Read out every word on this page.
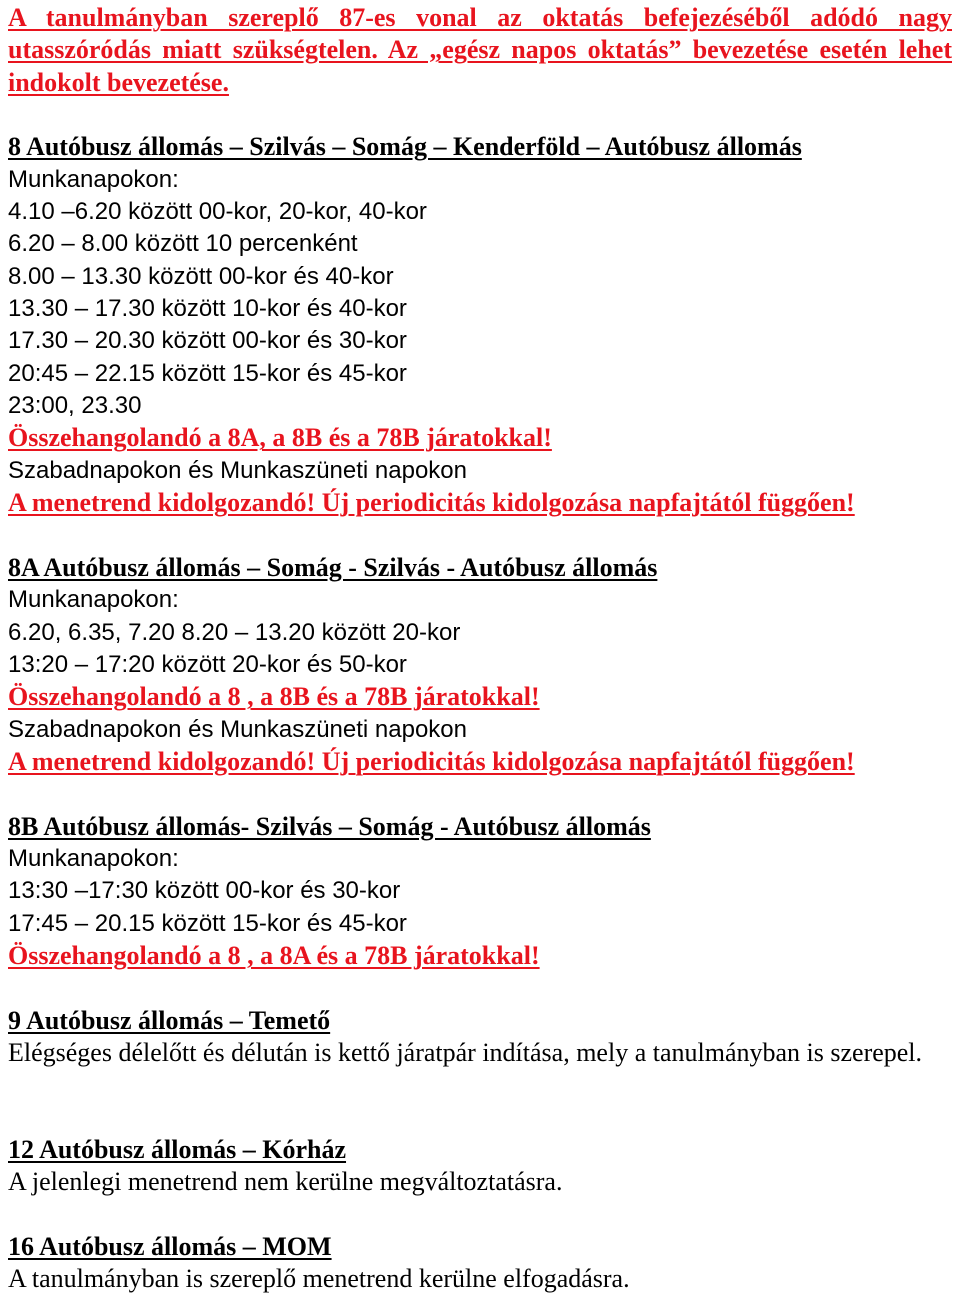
A tanulmányban szereplő 87-es vonal az oktatás befejezéséből adódó nagy utasszóródás miatt szükségtelen. Az „egész napos oktatás” bevezetése esetén lehet indokolt bevezetése.
8 Autóbusz állomás – Szilvás – Somág – Kenderföld – Autóbusz állomás
Munkanapokon:
4.10 –6.20 között 00-kor, 20-kor, 40-kor
6.20 – 8.00 között 10 percenként
8.00 – 13.30 között 00-kor és 40-kor
13.30 – 17.30 között 10-kor és 40-kor
17.30 – 20.30 között 00-kor és 30-kor
20:45 – 22.15 között 15-kor és 45-kor
23:00, 23.30
Összehangolandó a 8A, a 8B és a 78B járatokkal!
Szabadnapokon és Munkaszüneti napokon
A menetrend kidolgozandó! Új periodicitás kidolgozása napfajtától függően!
8A Autóbusz állomás – Somág - Szilvás - Autóbusz állomás
Munkanapokon:
6.20, 6.35, 7.20 8.20 – 13.20 között 20-kor
13:20 – 17:20 között 20-kor és 50-kor
Összehangolandó a 8 , a 8B és a 78B járatokkal!
Szabadnapokon és Munkaszüneti napokon
A menetrend kidolgozandó! Új periodicitás kidolgozása napfajtától függően!
8B Autóbusz állomás- Szilvás – Somág - Autóbusz állomás
Munkanapokon:
13:30 –17:30 között 00-kor és 30-kor
17:45 – 20.15 között 15-kor és 45-kor
Összehangolandó a 8 , a 8A és a 78B járatokkal!
9 Autóbusz állomás – Temető
Elégséges délelőtt és délután is kettő járatpár indítása, mely a tanulmányban is szerepel.
12 Autóbusz állomás – Kórház
A jelenlegi menetrend nem kerülne megváltoztatásra.
16 Autóbusz állomás – MOM
A tanulmányban is szereplő menetrend kerülne elfogadásra.
